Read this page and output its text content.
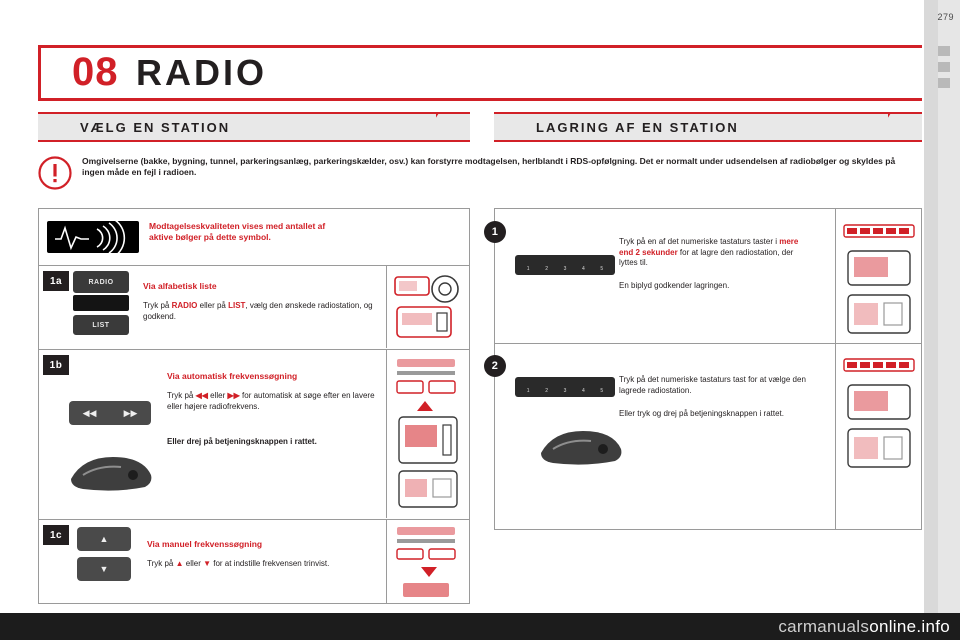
279
08 RADIO
VÆLG EN STATION	LAGRING AF EN STATION
Omgivelserne (bakke, bygning, tunnel, parkeringsanlæg, parkeringskælder, osv.) kan forstyrre modtagelsen, herlblandt i RDS-opfølgning. Det er normalt under udsendelsen af radiobølger og skyldes på ingen måde en fejl i radioen.
Modtagelseskvaliteten vises med antallet af aktive bølger på dette symbol.
1a	RADIO
LIST
Via alfabetisk liste
Tryk på RADIO eller på LIST, vælg den ønskede radiostation, og godkend.
1b
◀◀	▶▶
Via automatisk frekvenssøgning
Tryk på ◀◀ eller ▶▶ for automatisk at søge efter en lavere eller højere radiofrekvens.
Eller drej på betjeningsknappen i rattet.
1c	▲
▼
Via manuel frekvenssøgning
Tryk på ▲ eller ▼ for at indstille frekvensen trinvist.
1
1	2	3	4	5
Tryk på en af det numeriske tastaturs taster i mere end 2 sekunder for at lagre den radiostation, der lyttes til.
En biplyd godkender lagringen.
2
1	2	3	4	5
Tryk på det numeriske tastaturs tast for at vælge den lagrede radiostation.
Eller tryk og drej på betjeningsknappen i rattet.
carmanualsonline.info
